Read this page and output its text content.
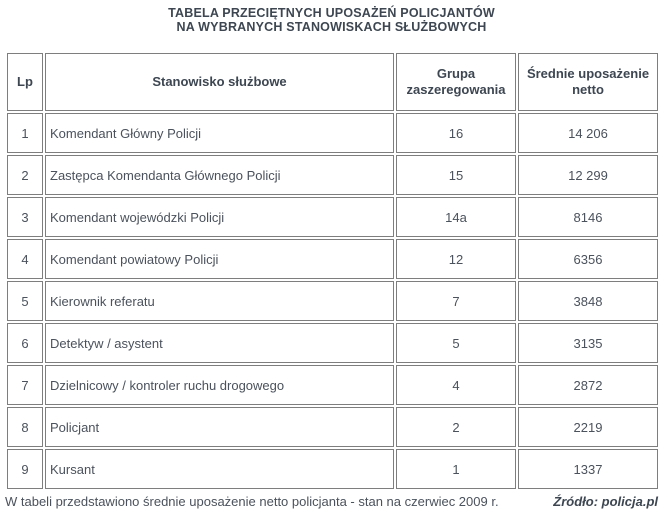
TABELA PRZECIĘTNYCH UPOSAŻEŃ POLICJANTÓW
NA WYBRANYCH STANOWISKACH SŁUŻBOWYCH
Lp	Stanowisko służbowe	Grupa zaszeregowania	Średnie uposażenie netto
1	Komendant Główny Policji	16	14 206
2	Zastępca Komendanta Głównego Policji	15	12 299
3	Komendant wojewódzki Policji	14a	8146
4	Komendant powiatowy Policji	12	6356
5	Kierownik referatu	7	3848
6	Detektyw / asystent	5	3135
7	Dzielnicowy / kontroler ruchu drogowego	4	2872
8	Policjant	2	2219
9	Kursant	1	1337
W tabeli przedstawiono średnie uposażenie netto policjanta - stan na czerwiec 2009 r.	Źródło: policja.pl
